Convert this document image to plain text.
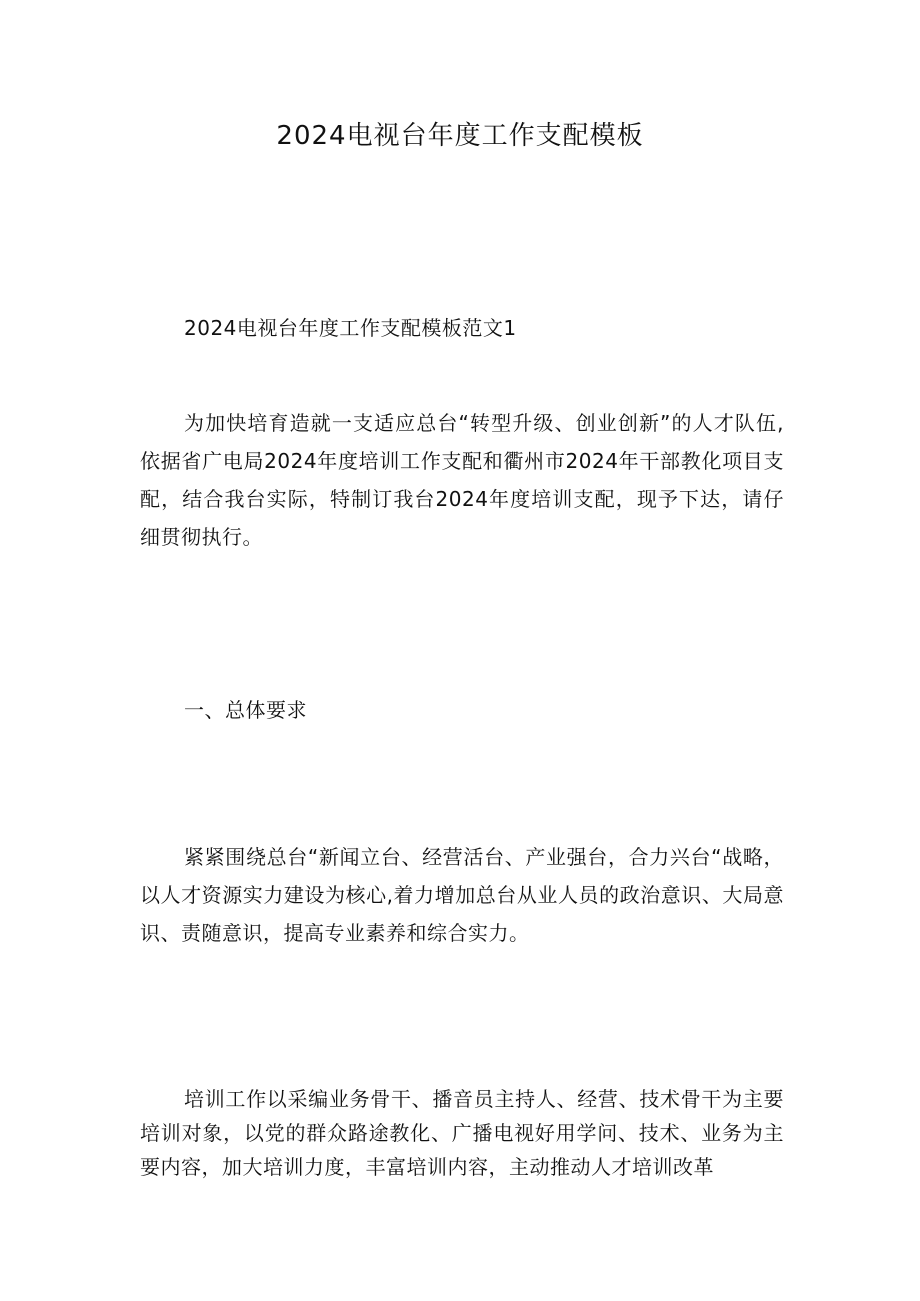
2024电视台年度工作支配模板
2024电视台年度工作支配模板范文1
为加快培育造就一支适应总台“转型升级、创业创新”的人才队伍,依据省广电局2024年度培训工作支配和衢州市2024年干部教化项目支配，结合我台实际，特制订我台2024年度培训支配，现予下达，请仔细贯彻执行。
一、总体要求
紧紧围绕总台“新闻立台、经营活台、产业强台，合力兴台“战略，以人才资源实力建设为核心,着力增加总台从业人员的政治意识、大局意识、责随意识，提高专业素养和综合实力。
培训工作以采编业务骨干、播音员主持人、经营、技术骨干为主要培训对象，以党的群众路途教化、广播电视好用学问、技术、业务为主要内容，加大培训力度，丰富培训内容，主动推动人才培训改革
